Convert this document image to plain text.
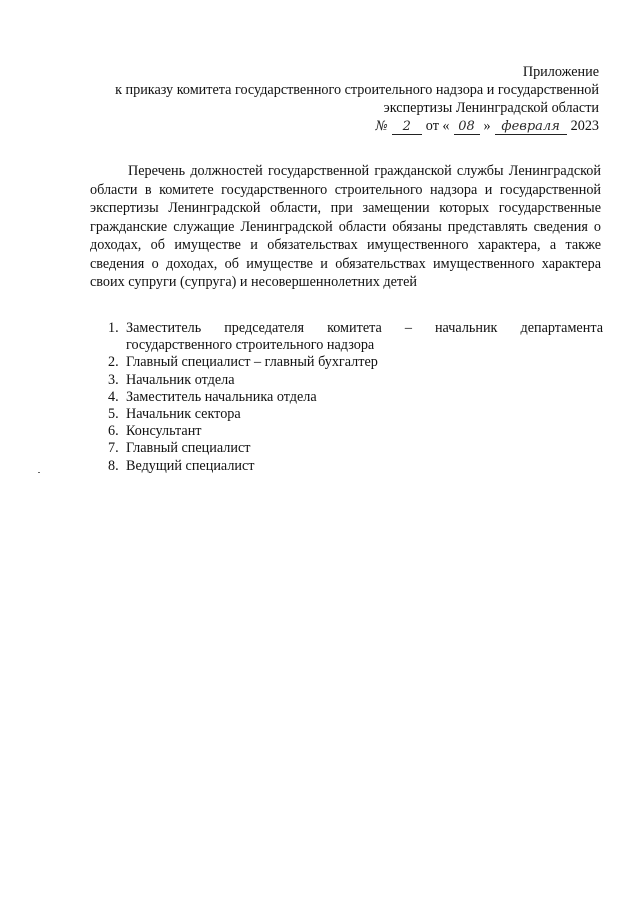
Приложение
к приказу комитета государственного строительного надзора и государственной
экспертизы Ленинградской области
№	2	от « 08 » февраля 2023

Перечень должностей государственной гражданской службы Ленинградской области в комитете государственного строительного надзора и государственной экспертизы Ленинградской области, при замещении которых государственные гражданские служащие Ленинградской области обязаны представлять сведения о доходах, об имуществе и обязательствах имущественного характера, а также сведения о доходах, об имуществе и обязательствах имущественного характера своих супруги (супруга) и несовершеннолетних детей

1. Заместитель председателя комитета – начальник департамента
государственного строительного надзора
2. Главный специалист – главный бухгалтер
3. Начальник отдела
4. Заместитель начальника отдела
5. Начальник сектора
6. Консультант
7. Главный специалист
8. Ведущий специалист
